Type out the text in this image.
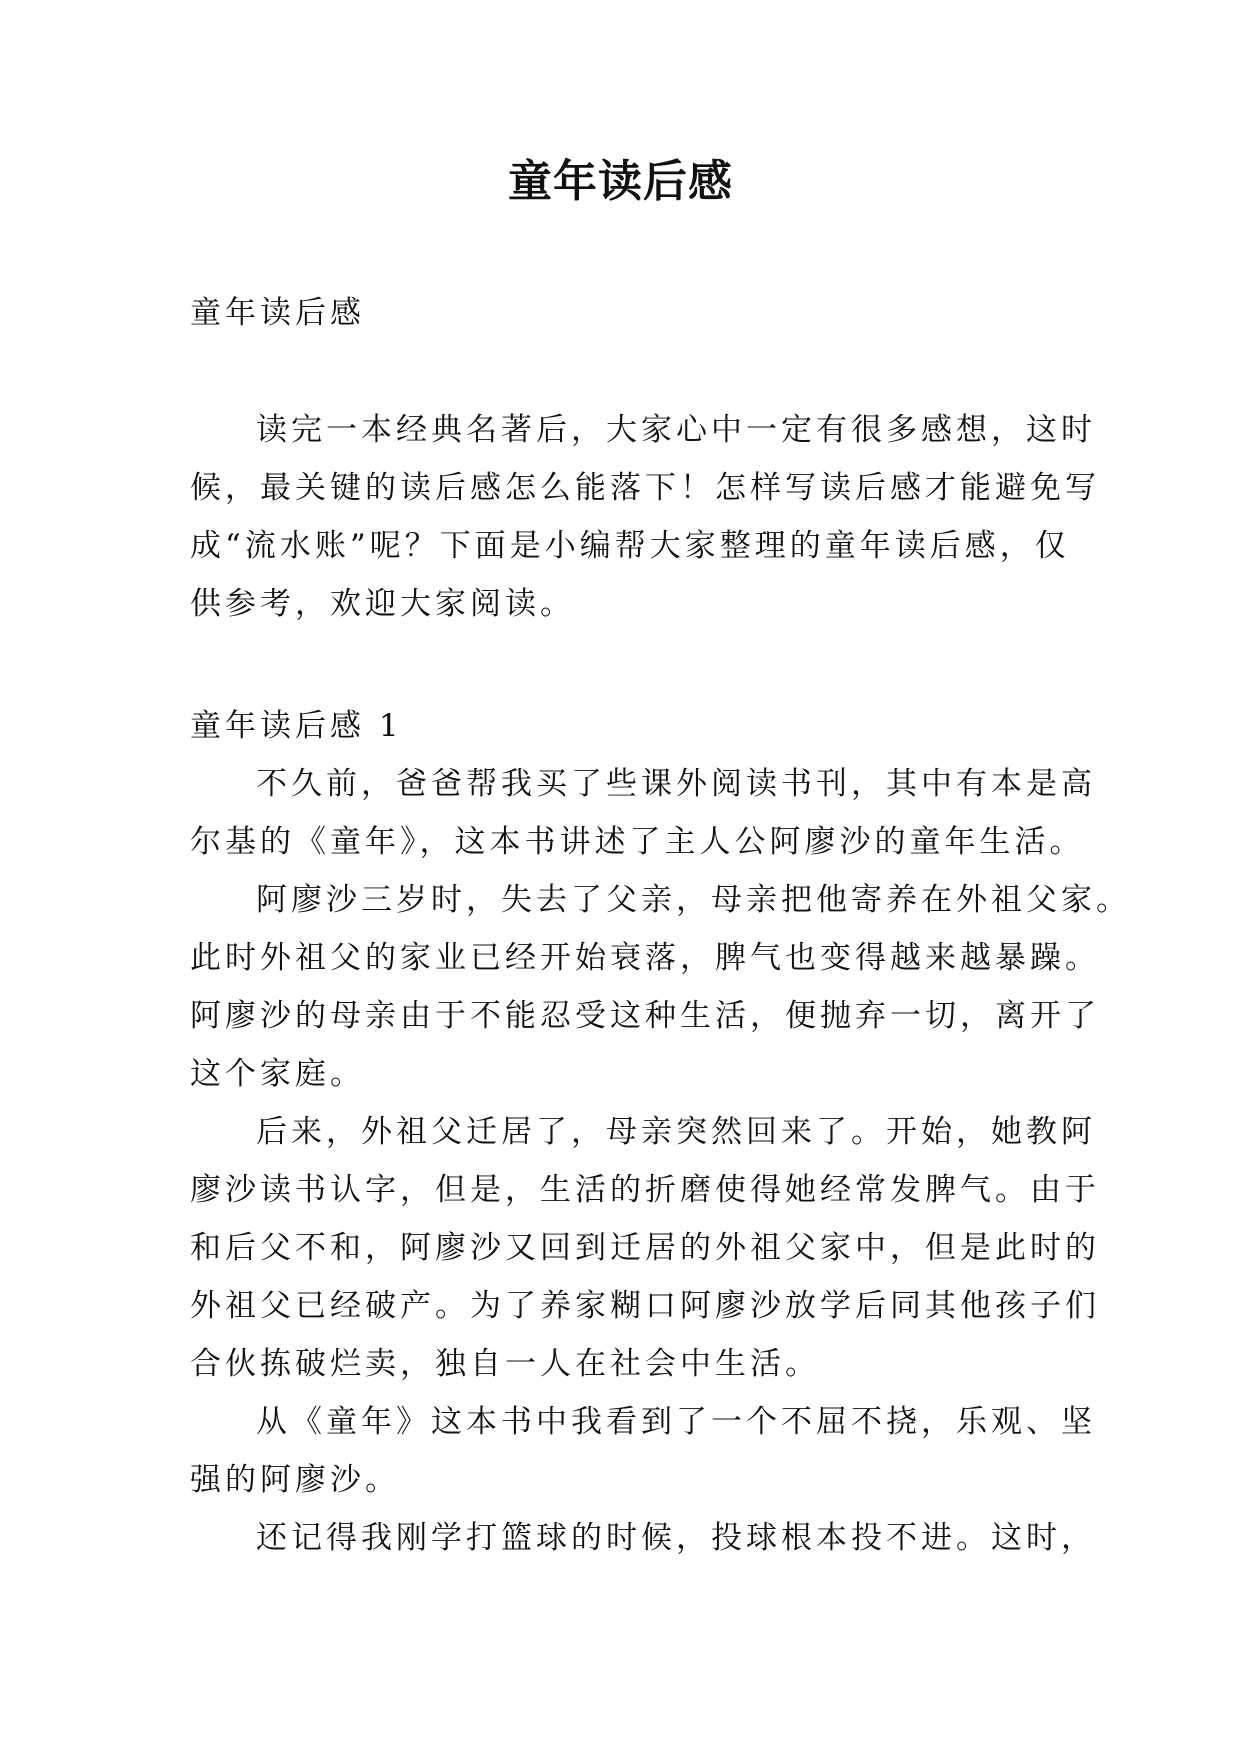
童年读后感
童年读后感
读完一本经典名著后，大家心中一定有很多感想，这时
候，最关键的读后感怎么能落下！怎样写读后感才能避免写
成“流水账”呢？下面是小编帮大家整理的童年读后感，仅
供参考，欢迎大家阅读。
童年读后感 1
不久前，爸爸帮我买了些课外阅读书刊，其中有本是高
尔基的《童年》，这本书讲述了主人公阿廖沙的童年生活。
阿廖沙三岁时，失去了父亲，母亲把他寄养在外祖父家。
此时外祖父的家业已经开始衰落，脾气也变得越来越暴躁。
阿廖沙的母亲由于不能忍受这种生活，便抛弃一切，离开了
这个家庭。
后来，外祖父迁居了，母亲突然回来了。开始，她教阿
廖沙读书认字，但是，生活的折磨使得她经常发脾气。由于
和后父不和，阿廖沙又回到迁居的外祖父家中，但是此时的
外祖父已经破产。为了养家糊口阿廖沙放学后同其他孩子们
合伙拣破烂卖，独自一人在社会中生活。
从《童年》这本书中我看到了一个不屈不挠，乐观、坚
强的阿廖沙。
还记得我刚学打篮球的时候，投球根本投不进。这时，
